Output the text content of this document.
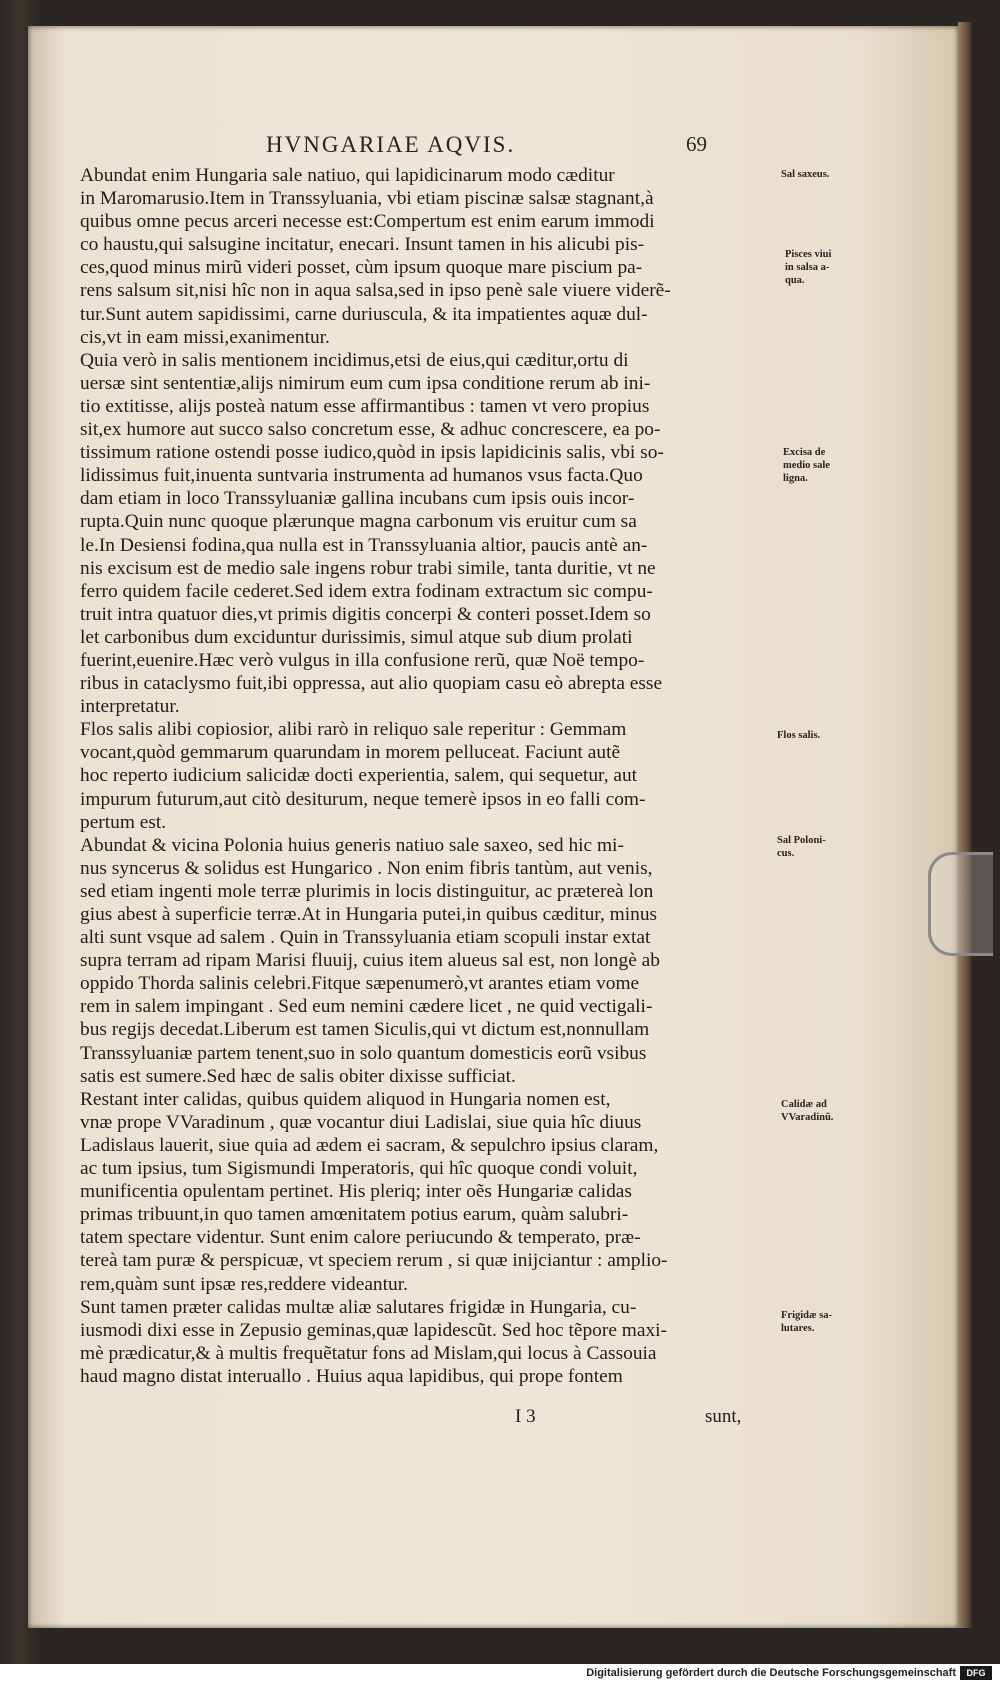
HVNGARIAE AQVIS.	69
Abundat enim Hungaria sale natiuo, qui lapidicinarum modo cæditur
in Maromarusio.Item in Transsyluania, vbi etiam piscinæ salsæ stagnant,à
quibus omne pecus arceri necesse est:Compertum est enim earum immodi
co haustu,qui salsugine incitatur, enecari. Insunt tamen in his alicubi pis-
ces,quod minus mirũ videri posset, cùm ipsum quoque mare piscium pa-
rens salsum sit,nisi hîc non in aqua salsa,sed in ipso penè sale viuere viderẽ-
tur.Sunt autem sapidissimi, carne duriuscula, & ita impatientes aquæ dul-
cis,vt in eam missi,exanimentur.
Quia verò in salis mentionem incidimus,etsi de eius,qui cæditur,ortu di
uersæ sint sententiæ,alijs nimirum eum cum ipsa conditione rerum ab ini-
tio extitisse, alijs posteà natum esse affirmantibus : tamen vt vero propius
sit,ex humore aut succo salso concretum esse, & adhuc concrescere, ea po-
tissimum ratione ostendi posse iudico,quòd in ipsis lapidicinis salis, vbi so-
lidissimus fuit,inuenta suntvaria instrumenta ad humanos vsus facta.Quo
dam etiam in loco Transsyluaniæ gallina incubans cum ipsis ouis incor-
rupta.Quin nunc quoque plærunque magna carbonum vis eruitur cum sa
le.In Desiensi fodina,qua nulla est in Transsyluania altior, paucis antè an-
nis excisum est de medio sale ingens robur trabi simile, tanta duritie, vt ne
ferro quidem facile cederet.Sed idem extra fodinam extractum sic compu-
truit intra quatuor dies,vt primis digitis concerpi & conteri posset.Idem so
let carbonibus dum exciduntur durissimis, simul atque sub dium prolati
fuerint,euenire.Hæc verò vulgus in illa confusione rerũ, quæ Noë tempo-
ribus in cataclysmo fuit,ibi oppressa, aut alio quopiam casu eò abrepta esse
interpretatur.
Flos salis alibi copiosior, alibi rarò in reliquo sale reperitur : Gemmam
vocant,quòd gemmarum quarundam in morem pelluceat. Faciunt autẽ
hoc reperto iudicium salicidæ docti experientia, salem, qui sequetur, aut
impurum futurum,aut citò desiturum, neque temerè ipsos in eo falli com-
pertum est.
Abundat & vicina Polonia huius generis natiuo sale saxeo, sed hic mi-
nus syncerus & solidus est Hungarico . Non enim fibris tantùm, aut venis,
sed etiam ingenti mole terræ plurimis in locis distinguitur, ac prætereà lon
gius abest à superficie terræ.At in Hungaria putei,in quibus cæditur, minus
alti sunt vsque ad salem . Quin in Transsyluania etiam scopuli instar extat
supra terram ad ripam Marisi fluuij, cuius item alueus sal est, non longè ab
oppido Thorda salinis celebri.Fitque sæpenumerò,vt arantes etiam vome
rem in salem impingant . Sed eum nemini cædere licet , ne quid vectigali-
bus regijs decedat.Liberum est tamen Siculis,qui vt dictum est,nonnullam
Transsyluaniæ partem tenent,suo in solo quantum domesticis eorũ vsibus
satis est sumere.Sed hæc de salis obiter dixisse sufficiat.
Restant inter calidas, quibus quidem aliquod in Hungaria nomen est,
vnæ prope VVaradinum , quæ vocantur diui Ladislai, siue quia hîc diuus
Ladislaus lauerit, siue quia ad ædem ei sacram, & sepulchro ipsius claram,
ac tum ipsius, tum Sigismundi Imperatoris, qui hîc quoque condi voluit,
munificentia opulentam pertinet. His pleriq; inter oẽs Hungariæ calidas
primas tribuunt,in quo tamen amœnitatem potius earum, quàm salubri-
tatem spectare videntur. Sunt enim calore periucundo & temperato, præ-
tereà tam puræ & perspicuæ, vt speciem rerum , si quæ inijciantur : amplio-
rem,quàm sunt ipsæ res,reddere videantur.
Sunt tamen præter calidas multæ aliæ salutares frigidæ in Hungaria, cu-
iusmodi dixi esse in Zepusio geminas,quæ lapidescũt. Sed hoc tẽpore maxi-
mè prædicatur,& à multis frequẽtatur fons ad Mislam,qui locus à Cassouia
haud magno distat interuallo . Huius aqua lapidibus, qui prope fontem
Sal saxeus.
Pisces viui
in salsa a-
qua.
Excisa de
medio sale
ligna.
Flos salis.
Sal Poloni-
cus.
Calidæ ad
VVaradinũ.
Frigidæ sa-
lutares.
I 3	sunt,
Digitalisierung gefördert durch die Deutsche Forschungsgemeinschaft	DFG
